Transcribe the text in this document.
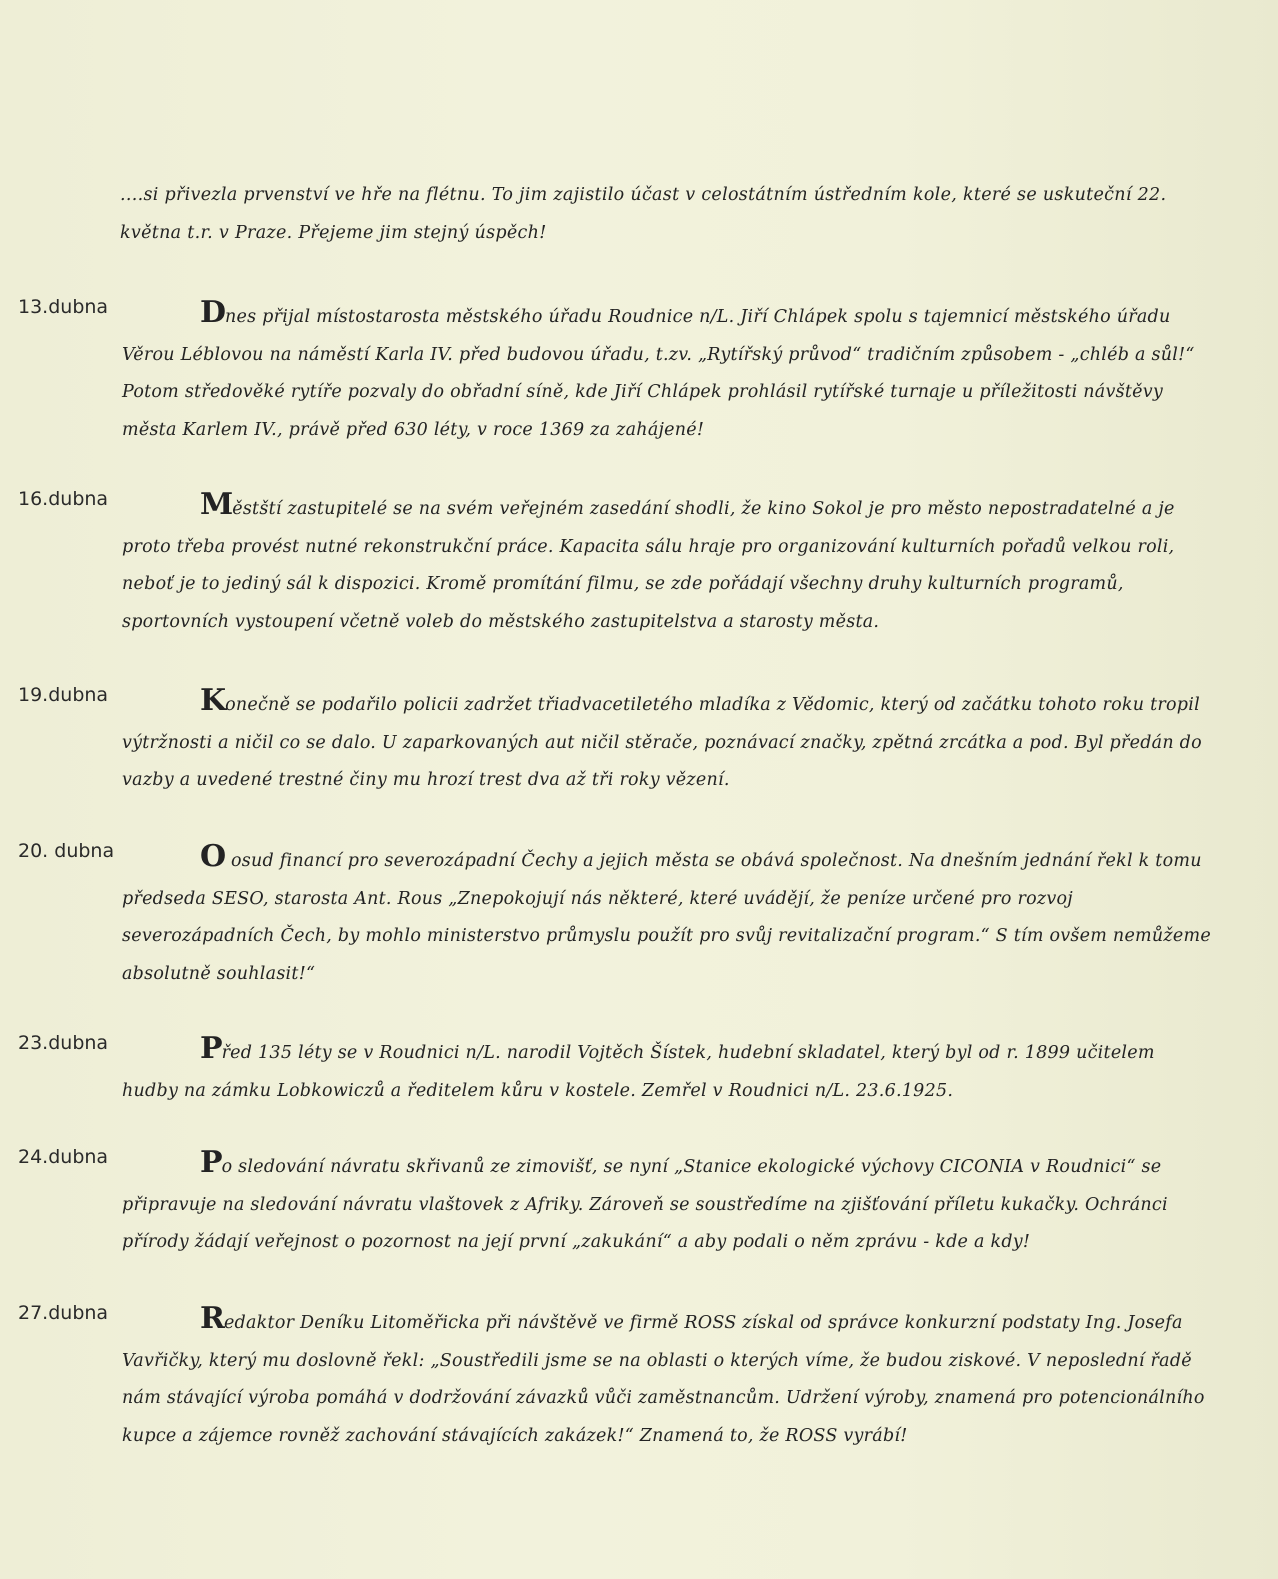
....si přivezla prvenství ve hře na flétnu. To jim zajistilo účast v celostátním ústředním kole, které se uskuteční 22. května t.r. v Praze. Přejeme jim stejný úspěch!

13.dubna	Dnes přijal místostarosta městského úřadu Roudnice n/L. Jiří Chlápek spolu s tajemnicí městského úřadu Věrou Léblovou na náměstí Karla IV. před budovou úřadu, t.zv. „Rytířský průvod“ tradičním způsobem - „chléb a sůl!“ Potom středověké rytíře pozvaly do obřadní síně, kde Jiří Chlápek prohlásil rytířské turnaje u příležitosti návštěvy města Karlem IV., právě před 630 léty, v roce 1369 za zahájené!

16.dubna	Městští zastupitelé se na svém veřejném zasedání shodli, že kino Sokol je pro město nepostradatelné a je proto třeba provést nutné rekonstrukční práce. Kapacita sálu hraje pro organizování kulturních pořadů velkou roli, neboť je to jediný sál k dispozici. Kromě promítání filmu, se zde pořádají všechny druhy kulturních programů, sportovních vystoupení včetně voleb do městského zastupitelstva a starosty města.

19.dubna	Konečně se podařilo policii zadržet třiadvacetiletého mladíka z Vědomic, který od začátku tohoto roku tropil výtržnosti a ničil co se dalo. U zaparkovaných aut ničil stěrače, poznávací značky, zpětná zrcátka a pod. Byl předán do vazby a uvedené trestné činy mu hrozí trest dva až tři roky vězení.

20. dubna	O osud financí pro severozápadní Čechy a jejich města se obává společnost. Na dnešním jednání řekl k tomu předseda SESO, starosta Ant. Rous „Znepokojují nás některé, které uvádějí, že peníze určené pro rozvoj severozápadních Čech, by mohlo ministerstvo průmyslu použít pro svůj revitalizační program.“ S tím ovšem nemůžeme absolutně souhlasit!“

23.dubna	Před 135 léty se v Roudnici n/L. narodil Vojtěch Šístek, hudební skladatel, který byl od r. 1899 učitelem hudby na zámku Lobkowiczů a ředitelem kůru v kostele. Zemřel v Roudnici n/L. 23.6.1925.

24.dubna	Po sledování návratu skřivanů ze zimovišť, se nyní „Stanice ekologické výchovy CICONIA v Roudnici“ se připravuje na sledování návratu vlaštovek z Afriky. Zároveň se soustředíme na zjišťování příletu kukačky. Ochránci přírody žádají veřejnost o pozornost na její první „zakukání“ a aby podali o něm zprávu - kde a kdy!

27.dubna	Redaktor Deníku Litoměřicka při návštěvě ve firmě ROSS získal od správce konkurzní podstaty Ing. Josefa Vavřičky, který mu doslovně řekl: „Soustředili jsme se na oblasti o kterých víme, že budou ziskové. V neposlední řadě nám stávající výroba pomáhá v dodržování závazků vůči zaměstnancům. Udržení výroby, znamená pro potencionálního kupce a zájemce rovněž zachování stávajících zakázek!“ Znamená to, že ROSS vyrábí!
